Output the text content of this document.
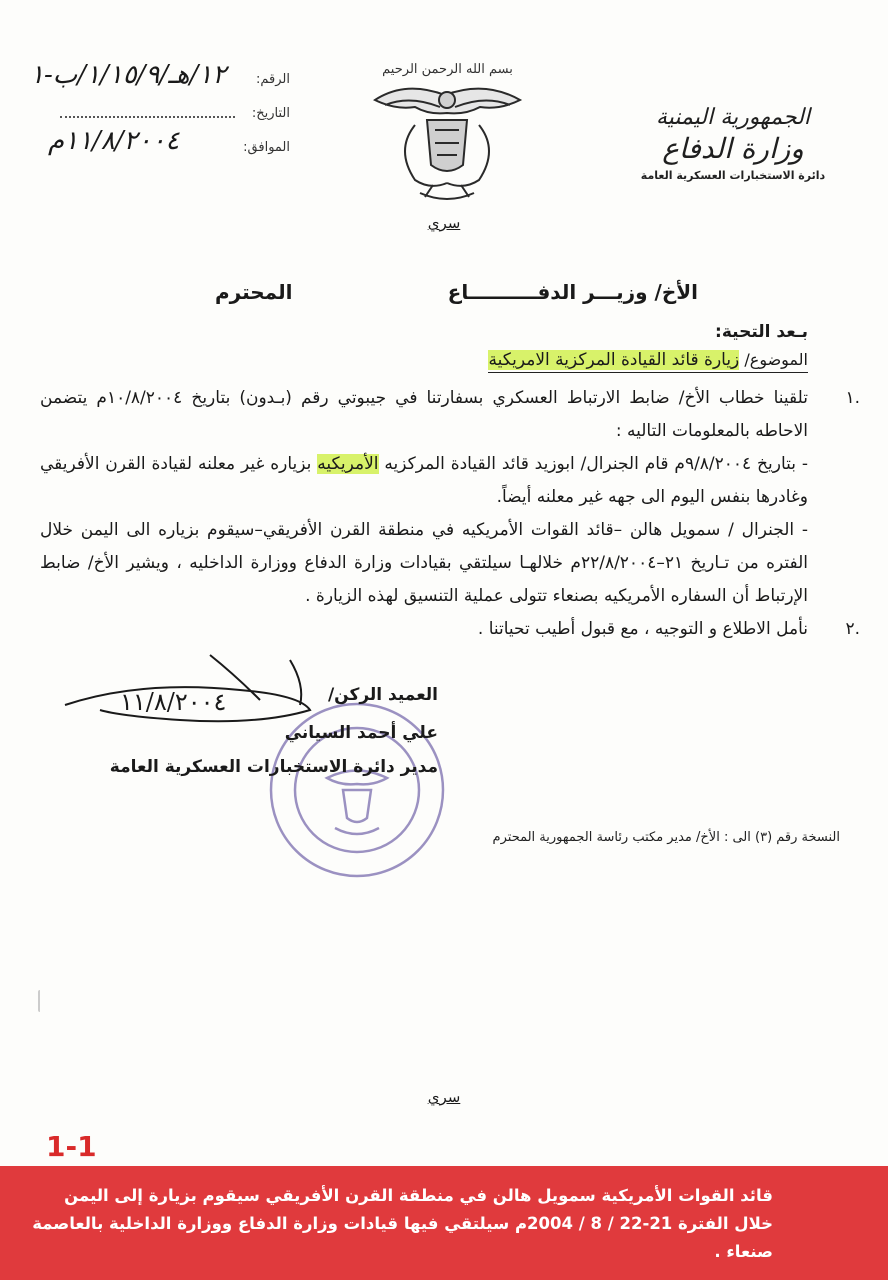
١٢/هـ/١/١٥/٩/ب-١ الرقم:
التاريخ:
١١/٨/٢٠٠٤م	الموافق:
بسم الله الرحمن الرحيم
الجمهورية اليمنية
وزارة الدفاع
دائرة الاستخبارات العسكرية العامة
سري
الأخ/ وزيـــر الدفــــــــــاع
المحترم
بـعد التحية:
الموضوع/ زيارة قائد القيادة المركزية الامريكية
.١
تلقينا خطاب الأخ/ ضابط الارتباط العسكري بسفارتنا في جيبوتي رقم (بـدون) بتاريخ ١٠/٨/٢٠٠٤م يتضمن الاحاطه بالمعلومات التاليه :
- بتاريخ ٩/٨/٢٠٠٤م قام الجنرال/ ابوزيد قائد القيادة المركزيه الأمريكيه بزياره غير معلنه لقيادة القرن الأفريقي وغادرها بنفس اليوم الى جهه غير معلنه أيضاً.
- الجنرال / سمويل هالن –قائد القوات الأمريكيه في منطقة القرن الأفريقي–سيقوم بزياره الى اليمن خلال الفتره من تـاريخ ٢١–٢٢/٨/٢٠٠٤م خلالهـا سيلتقي بقيادات وزارة الدفاع ووزارة الداخليه ، ويشير الأخ/ ضابط الإرتباط أن السفاره الأمريكيه بصنعاء تتولى عملية التنسيق لهذه الزيارة .
.٢
نأمل الاطلاع و التوجيه ، مع قبول أطيب تحياتنا .
١١/٨/٢٠٠٤	العميد الركن/
علي أحمد السياني
مدير دائرة الاستخبارات العسكرية العامة
النسخة رقم (٣) الى : الأخ/ مدير مكتب رئاسة الجمهورية المحترم
سري
1-1
قائد القوات الأمريكية سمويل هالن في منطقة القرن الأفريقي سيقوم بزيارة إلى اليمن خلال الفترة 21-22 / 8 / 2004م سيلتقي فيها قيادات وزارة الدفاع ووزارة الداخلية بالعاصمة صنعاء .
